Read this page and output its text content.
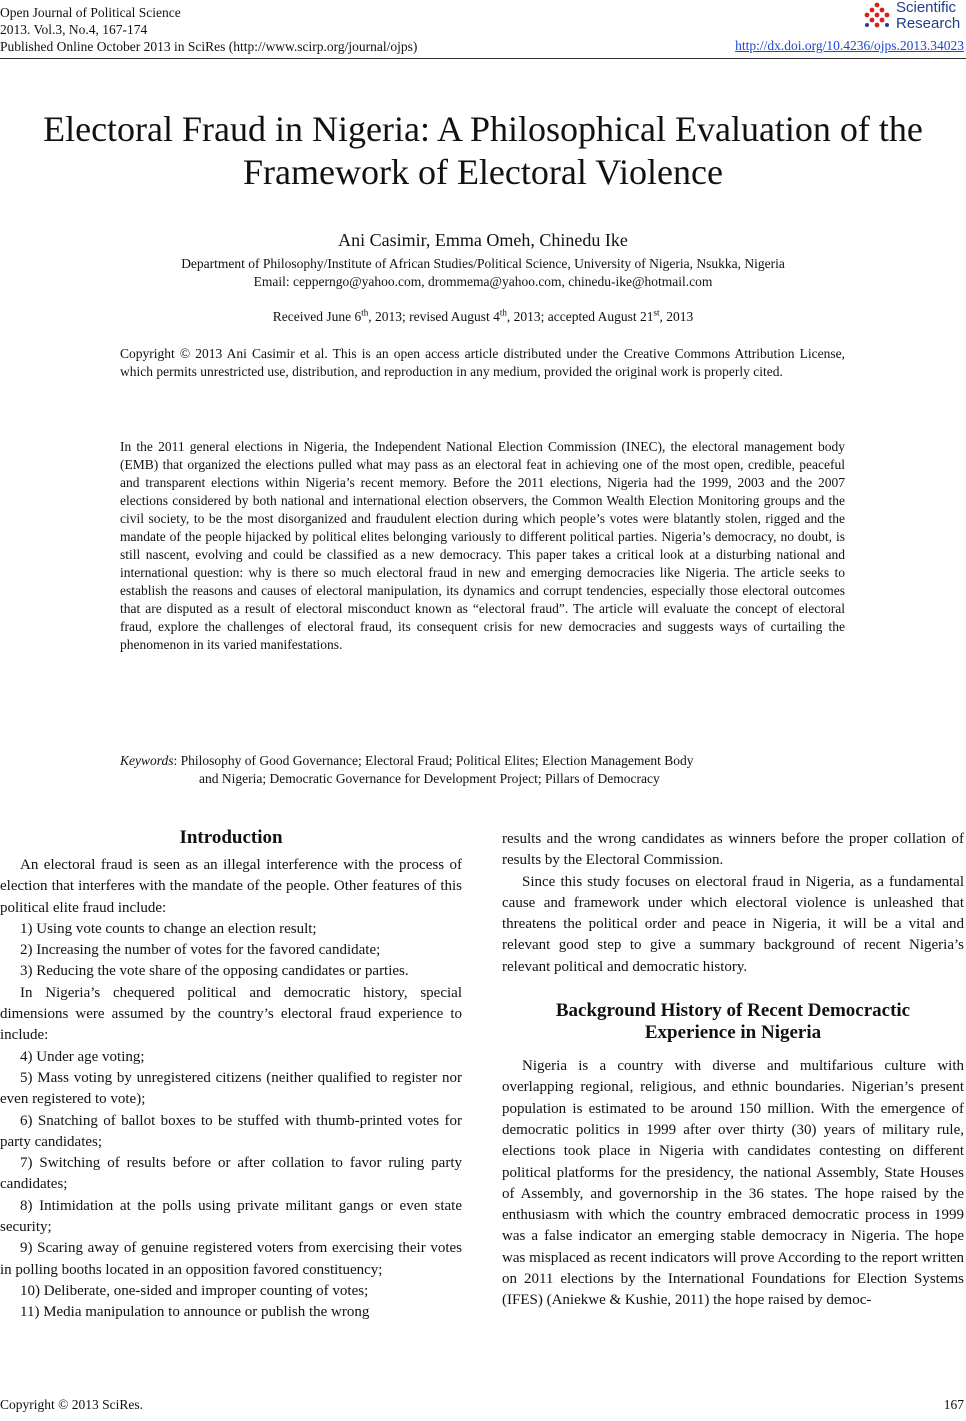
Open Journal of Political Science
2013. Vol.3, No.4, 167-174
Published Online October 2013 in SciRes (http://www.scirp.org/journal/ojps)
Scientific
Research
http://dx.doi.org/10.4236/ojps.2013.34023
Electoral Fraud in Nigeria: A Philosophical Evaluation of the
Framework of Electoral Violence
Ani Casimir, Emma Omeh, Chinedu Ike
Department of Philosophy/Institute of African Studies/Political Science, University of Nigeria, Nsukka, Nigeria
Email: cepperngo@yahoo.com, drommema@yahoo.com, chinedu-ike@hotmail.com
Received June 6th, 2013; revised August 4th, 2013; accepted August 21st, 2013
Copyright © 2013 Ani Casimir et al. This is an open access article distributed under the Creative Commons Attribution License, which permits unrestricted use, distribution, and reproduction in any medium, provided the original work is properly cited.
In the 2011 general elections in Nigeria, the Independent National Election Commission (INEC), the electoral management body (EMB) that organized the elections pulled what may pass as an electoral feat in achieving one of the most open, credible, peaceful and transparent elections within Nigeria’s recent memory. Before the 2011 elections, Nigeria had the 1999, 2003 and the 2007 elections considered by both national and international election observers, the Common Wealth Election Monitoring groups and the civil society, to be the most disorganized and fraudulent election during which people’s votes were blatantly stolen, rigged and the mandate of the people hijacked by political elites belonging variously to different political parties. Nigeria’s democracy, no doubt, is still nascent, evolving and could be classified as a new democracy. This paper takes a critical look at a disturbing national and international question: why is there so much electoral fraud in new and emerging democracies like Nigeria. The article seeks to establish the reasons and causes of electoral manipulation, its dynamics and corrupt tendencies, especially those electoral outcomes that are disputed as a result of electoral misconduct known as “electoral fraud”. The article will evaluate the concept of electoral fraud, explore the challenges of electoral fraud, its consequent crisis for new democracies and suggests ways of curtailing the phenomenon in its varied manifestations.
Keywords: Philosophy of Good Governance; Electoral Fraud; Political Elites; Election Management Body
and Nigeria; Democratic Governance for Development Project; Pillars of Democracy
Introduction

An electoral fraud is seen as an illegal interference with the process of election that interferes with the mandate of the people. Other features of this political elite fraud include:

1) Using vote counts to change an election result;

2) Increasing the number of votes for the favored candidate;

3) Reducing the vote share of the opposing candidates or parties.

In Nigeria’s chequered political and democratic history, special dimensions were assumed by the country’s electoral fraud experience to include:

4) Under age voting;

5) Mass voting by unregistered citizens (neither qualified to register nor even registered to vote);

6) Snatching of ballot boxes to be stuffed with thumb-printed votes for party candidates;

7) Switching of results before or after collation to favor ruling party candidates;

8) Intimidation at the polls using private militant gangs or even state security;

9) Scaring away of genuine registered voters from exercising their votes in polling booths located in an opposition favored constituency;

10) Deliberate, one-sided and improper counting of votes;

11) Media manipulation to announce or publish the wrong

results and the wrong candidates as winners before the proper collation of results by the Electoral Commission.

Since this study focuses on electoral fraud in Nigeria, as a fundamental cause and framework under which electoral violence is unleashed that threatens the political order and peace in Nigeria, it will be a vital and relevant good step to give a summary background of recent Nigeria’s relevant political and democratic history.

Background History of Recent Democractic
Experience in Nigeria

Nigeria is a country with diverse and multifarious culture with overlapping regional, religious, and ethnic boundaries. Nigerian’s present population is estimated to be around 150 million. With the emergence of democratic politics in 1999 after over thirty (30) years of military rule, elections took place in Nigeria with candidates contesting on different political platforms for the presidency, the national Assembly, State Houses of Assembly, and governorship in the 36 states. The hope raised by the enthusiasm with which the country embraced democratic process in 1999 was a false indicator an emerging stable democracy in Nigeria. The hope was misplaced as recent indicators will prove According to the report written on 2011 elections by the International Foundations for Election Systems (IFES) (Aniekwe & Kushie, 2011) the hope raised by democ-

Copyright © 2013 SciRes.	167
